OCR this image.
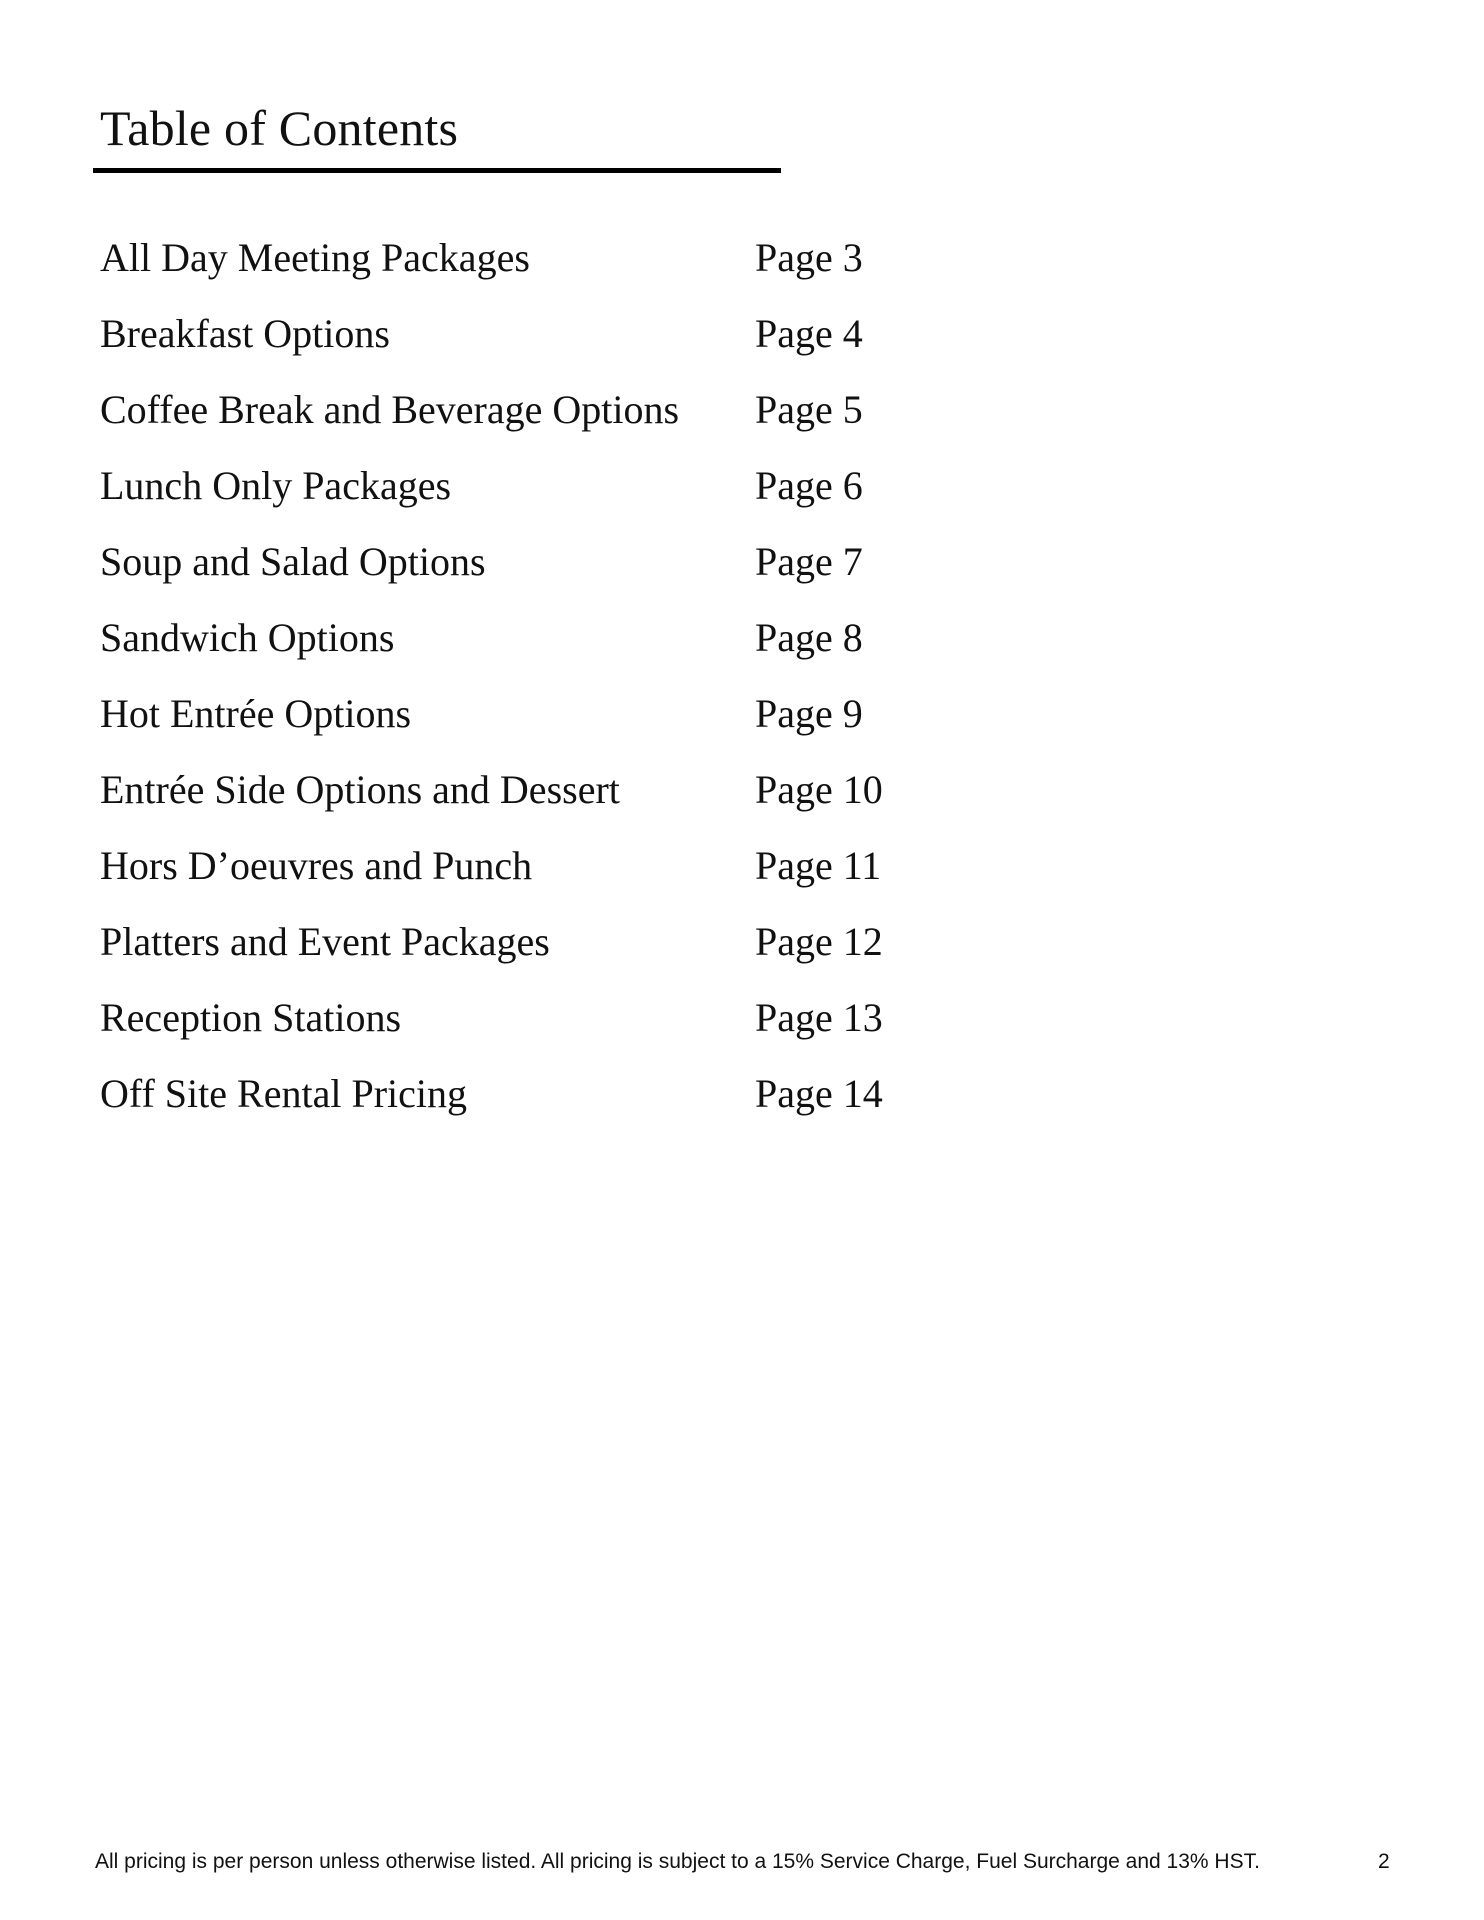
Table of Contents
All Day Meeting Packages	Page 3
Breakfast Options	Page 4
Coffee Break and Beverage Options Page 5
Lunch Only Packages	Page 6
Soup and Salad Options	Page 7
Sandwich Options	Page 8
Hot Entrée Options	Page 9
Entrée Side Options and Dessert	Page 10
Hors D’oeuvres and Punch	Page 11
Platters and Event Packages	Page 12
Reception Stations	Page 13
Off Site Rental Pricing	Page 14
All pricing is per person unless otherwise listed. All pricing is subject to a 15% Service Charge, Fuel Surcharge and 13% HST.	2
